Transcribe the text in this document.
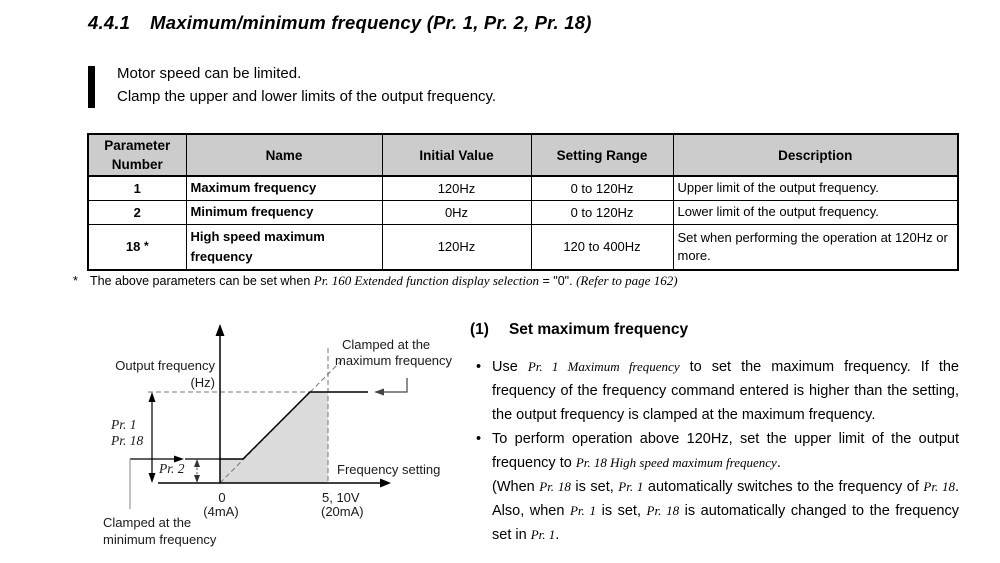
4.4.1 Maximum/minimum frequency (Pr. 1, Pr. 2, Pr. 18)
Motor speed can be limited.
Clamp the upper and lower limits of the output frequency.
Parameter Number	Name	Initial Value	Setting Range	Description
1	Maximum frequency	120Hz	0 to 120Hz	Upper limit of the output frequency.
2	Minimum frequency	0Hz	0 to 120Hz	Lower limit of the output frequency.
18 *	High speed maximum frequency	120Hz	120 to 400Hz	Set when performing the operation at 120Hz or more.
* The above parameters can be set when Pr. 160 Extended function display selection = "0". (Refer to page 162)
Output frequency
(Hz)
Clamped at the
maximum frequency
Pr. 1
Pr. 18
Pr. 2	Frequency setting
0
(4mA)
5, 10V
(20mA)
Clamped at the
minimum frequency
(1) Set maximum frequency
• Use Pr. 1 Maximum frequency to set the maximum frequency. If the frequency of the frequency command entered is higher than the setting, the output frequency is clamped at the maximum frequency.

• To perform operation above 120Hz, set the upper limit of the output frequency to Pr. 18 High speed maximum frequency.

(When Pr. 18 is set, Pr. 1 automatically switches to the frequency of Pr. 18. Also, when Pr. 1 is set, Pr. 18 is automatically changed to the frequency set in Pr. 1.
